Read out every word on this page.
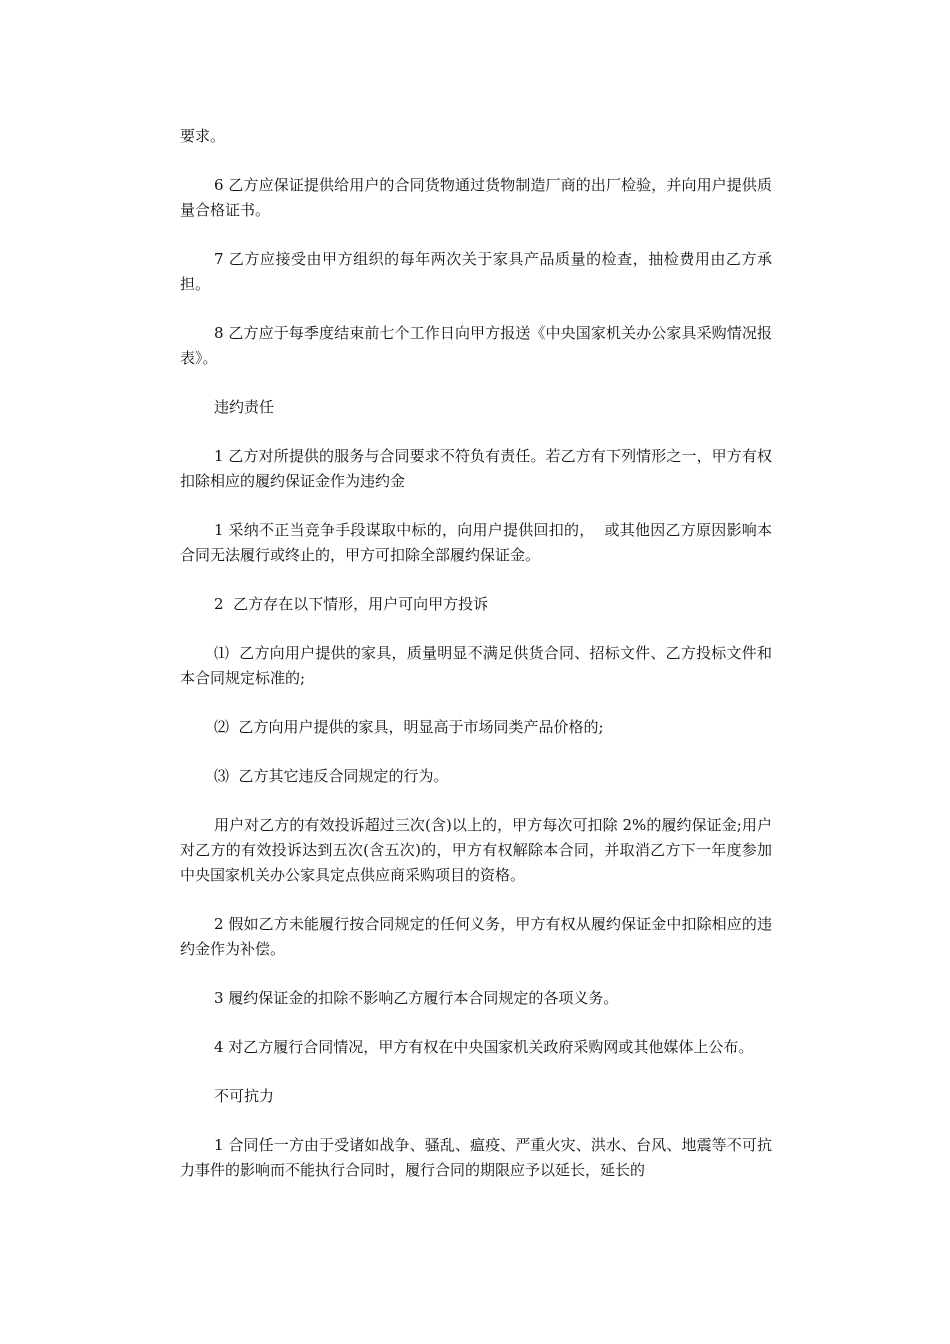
要求。

6 乙方应保证提供给用户的合同货物通过货物制造厂商的出厂检验，并向用户提供质量合格证书。

7 乙方应接受由甲方组织的每年两次关于家具产品质量的检查，抽检费用由乙方承担。

8 乙方应于每季度结束前七个工作日向甲方报送《中央国家机关办公家具采购情况报表》。

违约责任

1 乙方对所提供的服务与合同要求不符负有责任。若乙方有下列情形之一，甲方有权扣除相应的履约保证金作为违约金

1 采纳不正当竞争手段谋取中标的，向用户提供回扣的，  或其他因乙方原因影响本合同无法履行或终止的，甲方可扣除全部履约保证金。

2  乙方存在以下情形，用户可向甲方投诉

⑴  乙方向用户提供的家具，质量明显不满足供货合同、招标文件、乙方投标文件和本合同规定标准的;

⑵  乙方向用户提供的家具，明显高于市场同类产品价格的;

⑶  乙方其它违反合同规定的行为。

用户对乙方的有效投诉超过三次(含)以上的，甲方每次可扣除 2%的履约保证金;用户对乙方的有效投诉达到五次(含五次)的，甲方有权解除本合同，并取消乙方下一年度参加中央国家机关办公家具定点供应商采购项目的资格。

2 假如乙方未能履行按合同规定的任何义务，甲方有权从履约保证金中扣除相应的违约金作为补偿。

3 履约保证金的扣除不影响乙方履行本合同规定的各项义务。

4 对乙方履行合同情况，甲方有权在中央国家机关政府采购网或其他媒体上公布。

不可抗力

1 合同任一方由于受诸如战争、骚乱、瘟疫、严重火灾、洪水、台风、地震等不可抗力事件的影响而不能执行合同时，履行合同的期限应予以延长，延长的
